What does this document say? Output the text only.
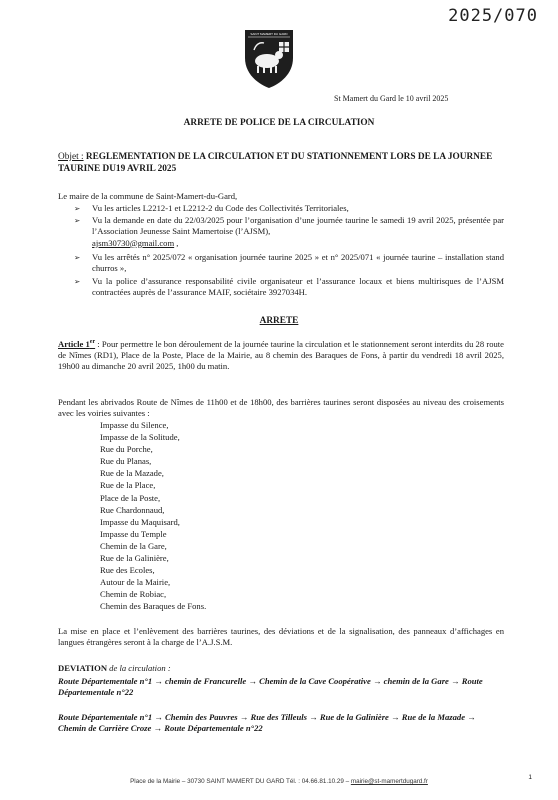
2025/070
SAINT MAMERT DU GARD
St Mamert du Gard le 10 avril 2025
ARRETE DE POLICE DE LA CIRCULATION
Objet : REGLEMENTATION DE LA CIRCULATION ET DU STATIONNEMENT LORS DE LA JOURNEE TAURINE DU19 AVRIL 2025
Le maire de la commune de Saint-Mamert-du-Gard,
➢ Vu les articles L2212-1 et L2212-2 du Code des Collectivités Territoriales,
➢ Vu la demande en date du 22/03/2025 pour l’organisation d’une journée taurine le samedi 19 avril 2025, présentée par l’Association Jeunesse Saint Mamertoise (l’AJSM),
ajsm30730@gmail.com ,
➢ Vu les arrêtés n° 2025/072 « organisation journée taurine 2025 » et n° 2025/071 « journée taurine – installation stand churros »,
➢ Vu la police d’assurance responsabilité civile organisateur et l’assurance locaux et biens multirisques de l’AJSM contractées auprès de l’assurance MAIF, sociétaire 3927034H.
ARRETE
Article 1er : Pour permettre le bon déroulement de la journée taurine la circulation et le stationnement seront interdits du 28 route de Nîmes (RD1), Place de la Poste, Place de la Mairie, au 8 chemin des Baraques de Fons, à partir du vendredi 18 avril 2025, 19h00 au dimanche 20 avril 2025, 1h00 du matin.
Pendant les abrivados Route de Nîmes de 11h00 et de 18h00, des barrières taurines seront disposées au niveau des croisements avec les voiries suivantes :
Impasse du Silence,
Impasse de la Solitude,
Rue du Porche,
Rue du Planas,
Rue de la Mazade,
Rue de la Place,
Place de la Poste,
Rue Chardonnaud,
Impasse du Maquisard,
Impasse du Temple
Chemin de la Gare,
Rue de la Galinière,
Rue des Ecoles,
Autour de la Mairie,
Chemin de Robiac,
Chemin des Baraques de Fons.
La mise en place et l’enlèvement des barrières taurines, des déviations et de la signalisation, des panneaux d’affichages en langues étrangères seront à la charge de l’A.J.S.M.
DEVIATION de la circulation :
Route Départementale n°1 → chemin de Francurelle → Chemin de la Cave Coopérative → chemin de la Gare → Route Départementale n°22
Route Départementale n°1 → Chemin des Pauvres → Rue des Tilleuls → Rue de la Galinière → Rue de la Mazade → Chemin de Carrière Croze → Route Départementale n°22
Place de la Mairie – 30730 SAINT MAMERT DU GARD Tél. : 04.66.81.10.29 – mairie@st-mamertdugard.fr
1
